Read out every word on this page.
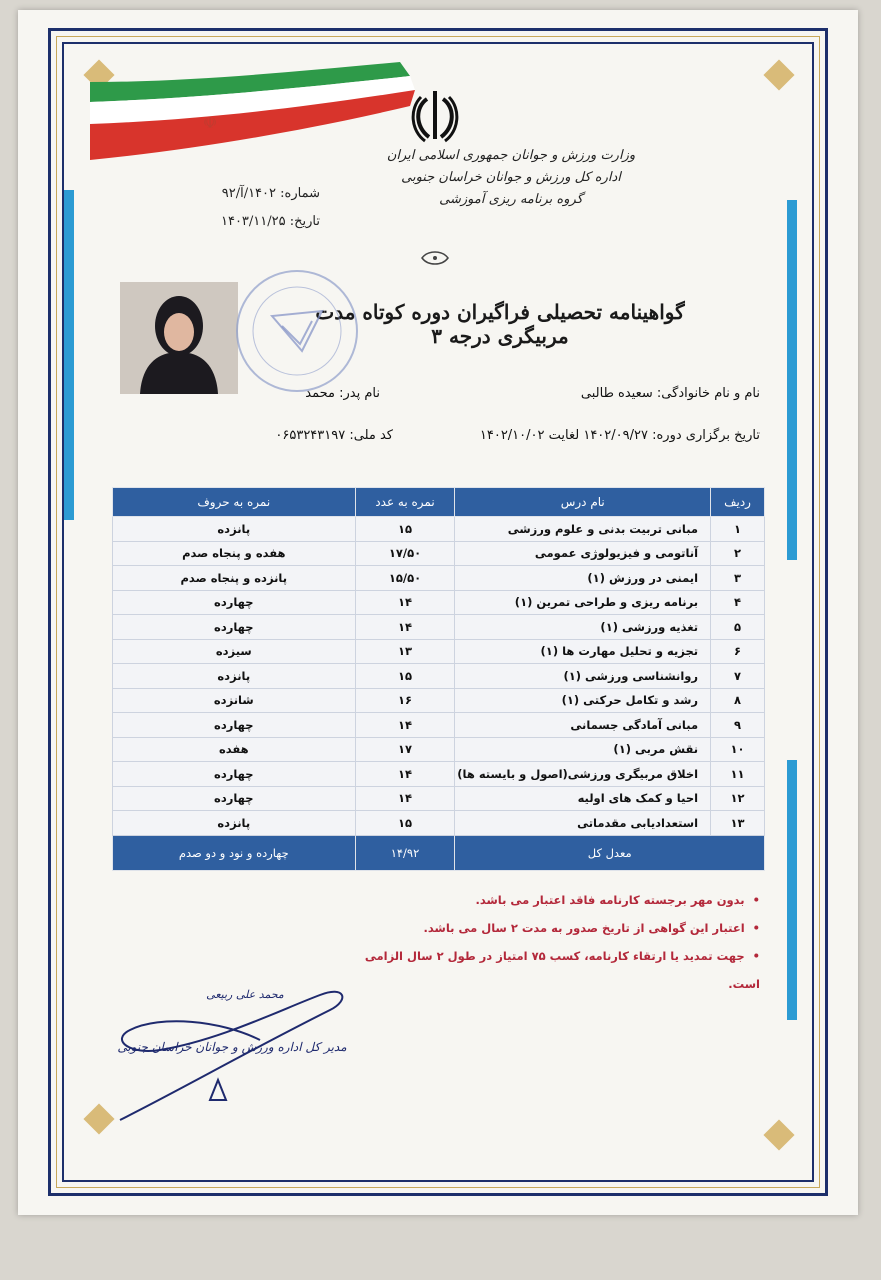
☫
وزارت ورزش و جوانان جمهوری اسلامی ایران
اداره کل ورزش و جوانان خراسان جنوبی
گروه برنامه ریزی آموزشی
شماره: ۱۴۰۲/آ/۹۲
تاریخ: ۱۴۰۳/۱۱/۲۵
گواهینامه تحصیلی فراگیران دوره کوتاه مدت مربیگری درجه ۳
نام و نام خانوادگی: سعیده طالبی
نام پدر: محمد
تاریخ برگزاری دوره: ۱۴۰۲/۰۹/۲۷ لغایت ۱۴۰۲/۱۰/۰۲
کد ملی: ۰۶۵۳۲۴۳۱۹۷
ردیف	نام درس	نمره به عدد	نمره به حروف
۱	مبانی تربیت بدنی و علوم ورزشی	۱۵	پانزده
۲	آناتومی و فیزیولوژی عمومی	۱۷/۵۰	هفده و پنجاه صدم
۳	ایمنی در ورزش (۱)	۱۵/۵۰	پانزده و پنجاه صدم
۴	برنامه ریزی و طراحی تمرین (۱)	۱۴	چهارده
۵	تغذیه ورزشی (۱)	۱۴	چهارده
۶	تجزیه و تحلیل مهارت ها (۱)	۱۳	سیزده
۷	روانشناسی ورزشی (۱)	۱۵	پانزده
۸	رشد و تکامل حرکتی (۱)	۱۶	شانزده
۹	مبانی آمادگی جسمانی	۱۴	چهارده
۱۰	نقش مربی (۱)	۱۷	هفده
۱۱	اخلاق مربیگری ورزشی(اصول و بایسته ها)	۱۴	چهارده
۱۲	احیا و کمک های اولیه	۱۴	چهارده
۱۳	استعدادیابی مقدماتی	۱۵	پانزده
معدل کل		۱۴/۹۲	چهارده و نود و دو صدم
•بدون مهر برجسته کارنامه فاقد اعتبار می باشد.
•اعتبار این گواهی از تاریخ صدور به مدت ۲ سال می باشد.
•جهت تمدید یا ارتقاء کارنامه، کسب ۷۵ امتیاز در طول ۲ سال الزامی است.
محمد علی ربیعی
مدیر کل اداره ورزش و جوانان خراسان جنوبی
